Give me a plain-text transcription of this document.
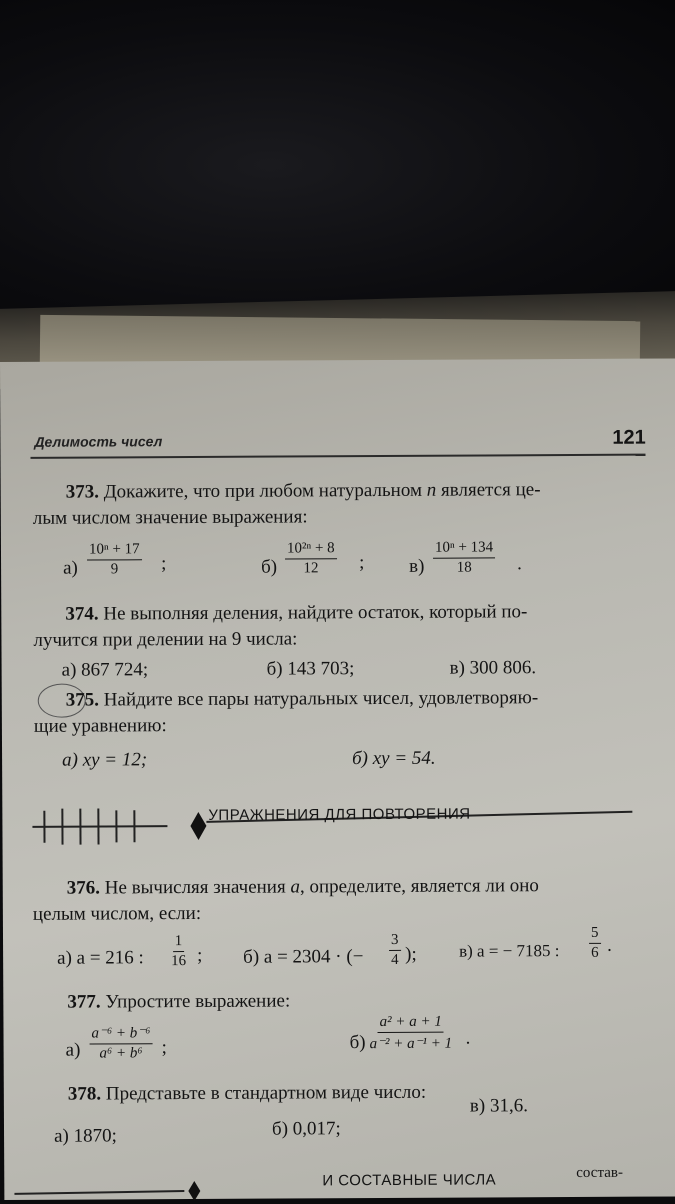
Делимость чисел	121
373. Докажите, что при любом натуральном n является це-
лым числом значение выражения:
$а) \frac{\text{10ⁿ + 17}}{9}$ ;	$б) \frac{\text{10²ⁿ + 8}}{12}$ ; $в) \frac{\text{10ⁿ + 134}}{18}$ .
374. Не выполняя деления, найдите остаток, который по-
лучится при делении на 9 числа:
а) 867 724;	б) 143 703;	в) 300 806.
375. Найдите все пары натуральных чисел, удовлетворяю-
щие уравнению:
а) xy = 12;	б) xy = 54.
УПРАЖНЕНИЯ ДЛЯ ПОВТОРЕНИЯ
376. Не вычисляя значения a, определите, является ли оно
целым числом, если:
а) a = 216 : $\frac{1}{16}$ ; б) a = 2304 · (− $\frac{3}{4}$ ); в) a = − 7185 : $\frac{5}{6}$ .
377. Упростите выражение:
$а) \frac{\text{a⁻⁶ + b⁻⁶}}{\text{a⁶ + b⁶}}$ ;	$б) \frac{\text{a² + a + 1}}{\text{a⁻² + a⁻¹ + 1}}$ .
378. Представьте в стандартном виде число:
а) 1870;	б) 0,017;
в) 31,6.
И СОСТАВНЫЕ ЧИСЛА	состав-
